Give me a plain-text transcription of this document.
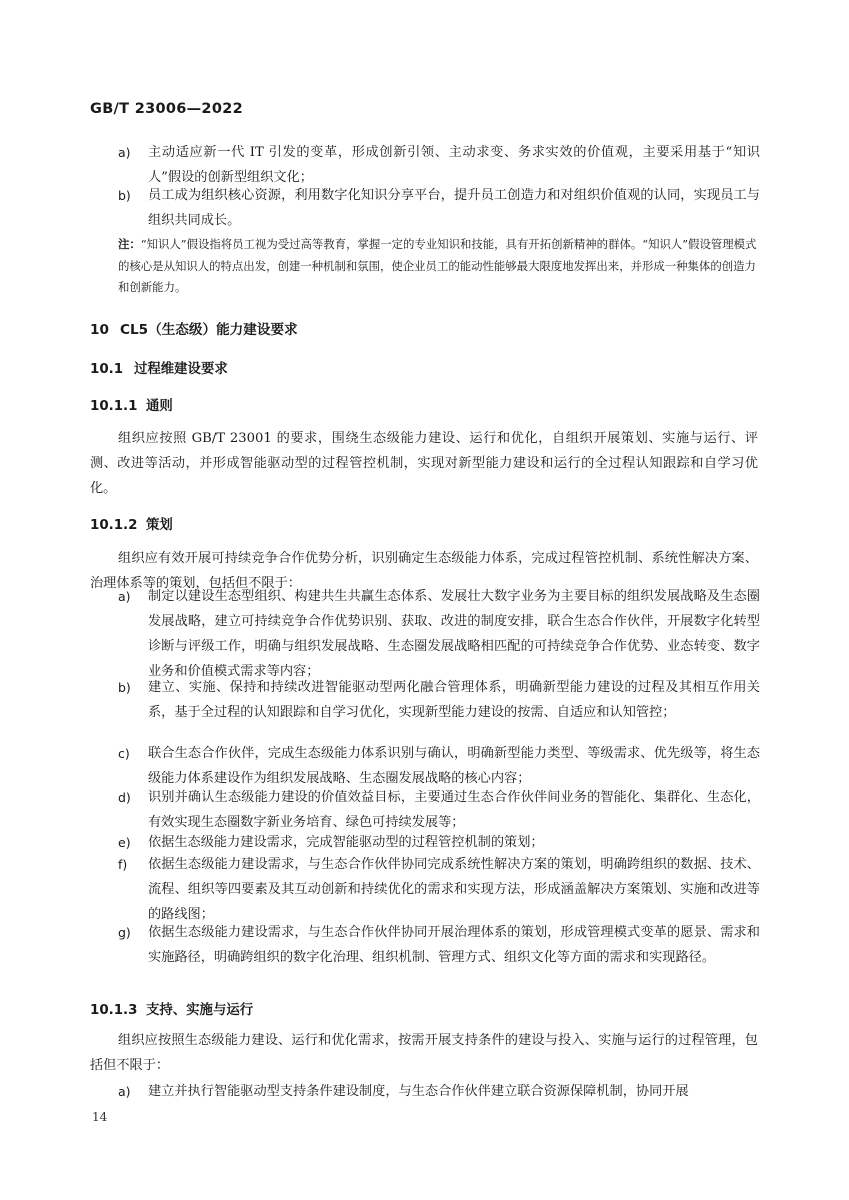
GB/T 23006—2022
a)	主动适应新一代 IT 引发的变革，形成创新引领、主动求变、务求实效的价值观，主要采用基于“知识人”假设的创新型组织文化；
b)	员工成为组织核心资源，利用数字化知识分享平台，提升员工创造力和对组织价值观的认同，实现员工与组织共同成长。
注：“知识人”假设指将员工视为受过高等教育，掌握一定的专业知识和技能，具有开拓创新精神的群体。“知识人”假设管理模式的核心是从知识人的特点出发，创建一种机制和氛围，使企业员工的能动性能够最大限度地发挥出来，并形成一种集体的创造力和创新能力。
10 CL5（生态级）能力建设要求
10.1 过程维建设要求
10.1.1 通则
组织应按照 GB/T 23001 的要求，围绕生态级能力建设、运行和优化，自组织开展策划、实施与运行、评测、改进等活动，并形成智能驱动型的过程管控机制，实现对新型能力建设和运行的全过程认知跟踪和自学习优化。
10.1.2 策划
组织应有效开展可持续竞争合作优势分析，识别确定生态级能力体系，完成过程管控机制、系统性解决方案、治理体系等的策划，包括但不限于：
a)	制定以建设生态型组织、构建共生共赢生态体系、发展壮大数字业务为主要目标的组织发展战略及生态圈发展战略，建立可持续竞争合作优势识别、获取、改进的制度安排，联合生态合作伙伴，开展数字化转型诊断与评级工作，明确与组织发展战略、生态圈发展战略相匹配的可持续竞争合作优势、业态转变、数字业务和价值模式需求等内容；
b)	建立、实施、保持和持续改进智能驱动型两化融合管理体系，明确新型能力建设的过程及其相互作用关系，基于全过程的认知跟踪和自学习优化，实现新型能力建设的按需、自适应和认知管控；
c)	联合生态合作伙伴，完成生态级能力体系识别与确认，明确新型能力类型、等级需求、优先级等，将生态级能力体系建设作为组织发展战略、生态圈发展战略的核心内容；
d)	识别并确认生态级能力建设的价值效益目标，主要通过生态合作伙伴间业务的智能化、集群化、生态化，有效实现生态圈数字新业务培育、绿色可持续发展等；
e)	依据生态级能力建设需求，完成智能驱动型的过程管控机制的策划；
f)	依据生态级能力建设需求，与生态合作伙伴协同完成系统性解决方案的策划，明确跨组织的数据、技术、流程、组织等四要素及其互动创新和持续优化的需求和实现方法，形成涵盖解决方案策划、实施和改进等的路线图；
g)	依据生态级能力建设需求，与生态合作伙伴协同开展治理体系的策划，形成管理模式变革的愿景、需求和实施路径，明确跨组织的数字化治理、组织机制、管理方式、组织文化等方面的需求和实现路径。
10.1.3 支持、实施与运行
组织应按照生态级能力建设、运行和优化需求，按需开展支持条件的建设与投入、实施与运行的过程管理，包括但不限于：
a)	建立并执行智能驱动型支持条件建设制度，与生态合作伙伴建立联合资源保障机制，协同开展
14
